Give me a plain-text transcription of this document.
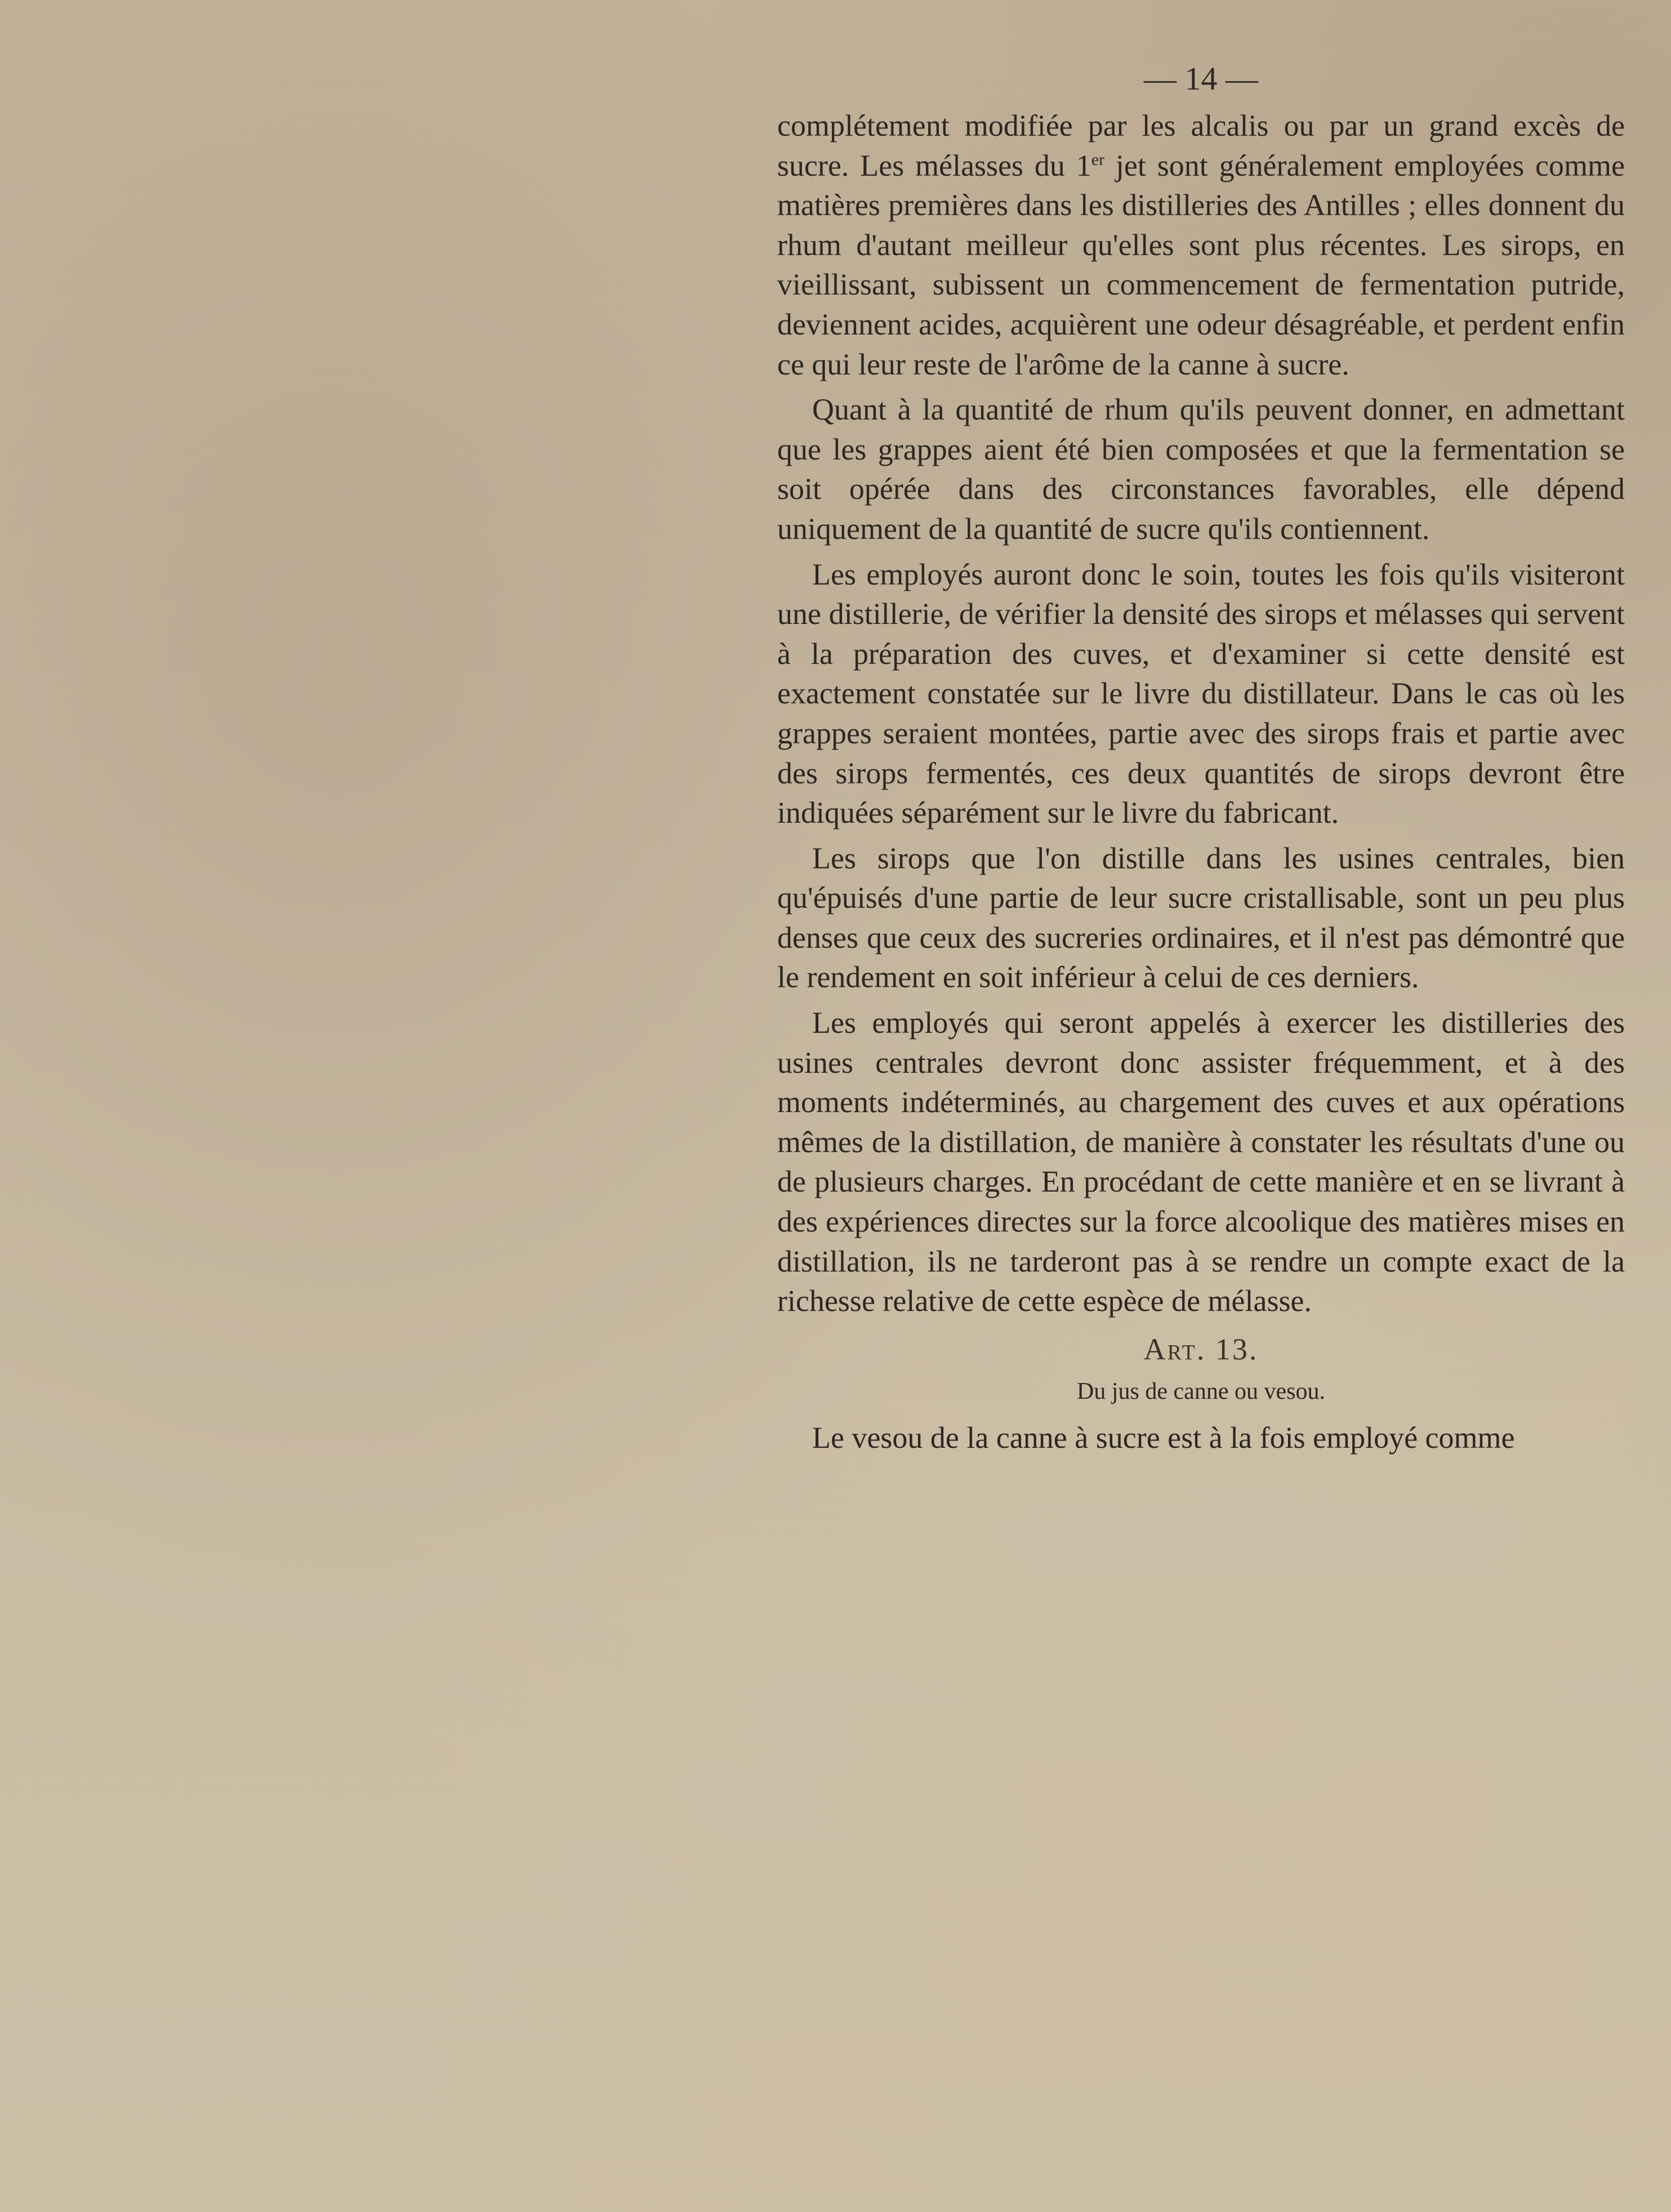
— 14 —

complétement modifiée par les alcalis ou par un grand excès de sucre. Les mélasses du 1er jet sont généralement employées comme matières premières dans les distilleries des Antilles ; elles donnent du rhum d'autant meilleur qu'elles sont plus récentes. Les sirops, en vieillissant, subissent un commencement de fermentation putride, deviennent acides, acquièrent une odeur désagréable, et perdent enfin ce qui leur reste de l'arôme de la canne à sucre.

Quant à la quantité de rhum qu'ils peuvent donner, en admettant que les grappes aient été bien composées et que la fermentation se soit opérée dans des circonstances favorables, elle dépend uniquement de la quantité de sucre qu'ils contiennent.

Les employés auront donc le soin, toutes les fois qu'ils visiteront une distillerie, de vérifier la densité des sirops et mélasses qui servent à la préparation des cuves, et d'examiner si cette densité est exactement constatée sur le livre du distillateur. Dans le cas où les grappes seraient montées, partie avec des sirops frais et partie avec des sirops fermentés, ces deux quantités de sirops devront être indiquées séparément sur le livre du fabricant.

Les sirops que l'on distille dans les usines centrales, bien qu'épuisés d'une partie de leur sucre cristallisable, sont un peu plus denses que ceux des sucreries ordinaires, et il n'est pas démontré que le rendement en soit inférieur à celui de ces derniers.

Les employés qui seront appelés à exercer les distilleries des usines centrales devront donc assister fréquemment, et à des moments indéterminés, au chargement des cuves et aux opérations mêmes de la distillation, de manière à constater les résultats d'une ou de plusieurs charges. En procédant de cette manière et en se livrant à des expériences directes sur la force alcoolique des matières mises en distillation, ils ne tarderont pas à se rendre un compte exact de la richesse relative de cette espèce de mélasse.

Art. 13.
Du jus de canne ou vesou.

Le vesou de la canne à sucre est à la fois employé comme
